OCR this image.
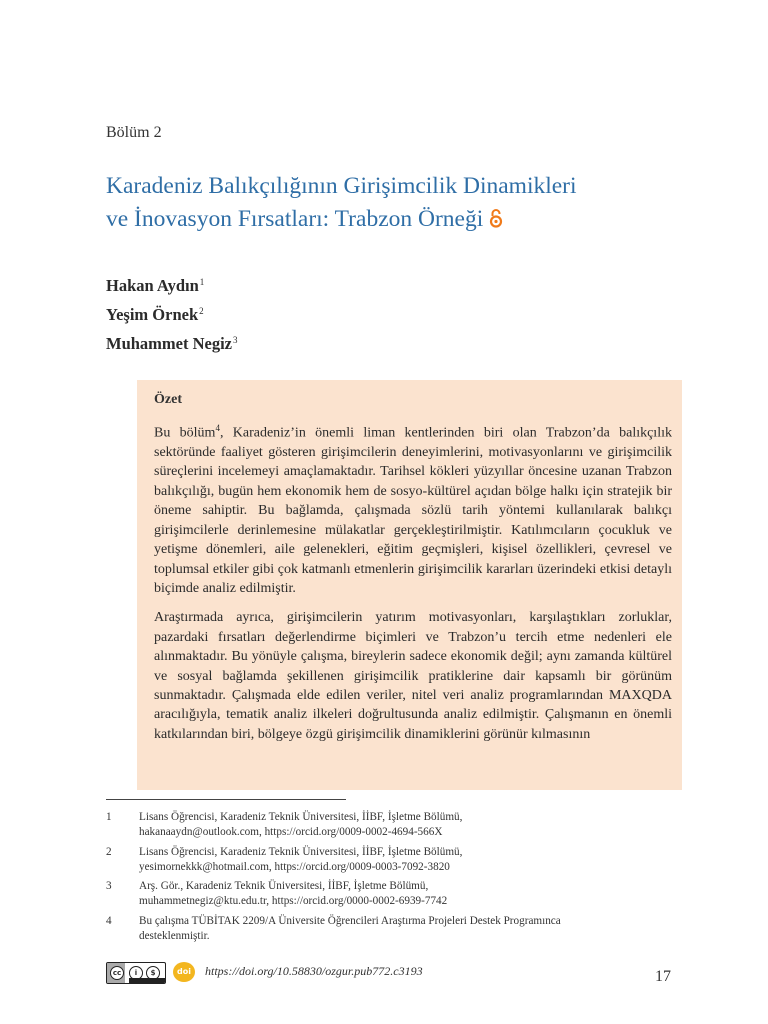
Bölüm 2
Karadeniz Balıkçılığının Girişimcilik Dinamikleri
ve İnovasyon Fırsatları: Trabzon Örneği
Hakan Aydın$^1$
Yeşim Örnek$^2$
Muhammet Negiz$^3$
Özet

Bu bölüm$^4$, Karadeniz’in önemli liman kentlerinden biri olan Trabzon’da balıkçılık sektöründe faaliyet gösteren girişimcilerin deneyimlerini, motivasyonlarını ve girişimcilik süreçlerini incelemeyi amaçlamaktadır. Tarihsel kökleri yüzyıllar öncesine uzanan Trabzon balıkçılığı, bugün hem ekonomik hem de sosyo-kültürel açıdan bölge halkı için stratejik bir öneme sahiptir. Bu bağlamda, çalışmada sözlü tarih yöntemi kullanılarak balıkçı girişimcilerle derinlemesine mülakatlar gerçekleştirilmiştir. Katılımcıların çocukluk ve yetişme dönemleri, aile gelenekleri, eğitim geçmişleri, kişisel özellikleri, çevresel ve toplumsal etkiler gibi çok katmanlı etmenlerin girişimcilik kararları üzerindeki etkisi detaylı biçimde analiz edilmiştir.

Araştırmada ayrıca, girişimcilerin yatırım motivasyonları, karşılaştıkları zorluklar, pazardaki fırsatları değerlendirme biçimleri ve Trabzon’u tercih etme nedenleri ele alınmaktadır. Bu yönüyle çalışma, bireylerin sadece ekonomik değil; aynı zamanda kültürel ve sosyal bağlamda şekillenen girişimcilik pratiklerine dair kapsamlı bir görünüm sunmaktadır. Çalışmada elde edilen veriler, nitel veri analiz programlarından MAXQDA aracılığıyla, tematik analiz ilkeleri doğrultusunda analiz edilmiştir. Çalışmanın en önemli katkılarından biri, bölgeye özgü girişimcilik dinamiklerini görünür kılmasının

1 Lisans Öğrencisi, Karadeniz Teknik Üniversitesi, İİBF, İşletme Bölümü,
hakanaaydn@outlook.com, https://orcid.org/0009-0002-4694-566X
2 Lisans Öğrencisi, Karadeniz Teknik Üniversitesi, İİBF, İşletme Bölümü,
yesimornekkk@hotmail.com, https://orcid.org/0009-0003-7092-3820
3 Arş. Gör., Karadeniz Teknik Üniversitesi, İİBF, İşletme Bölümü,
muhammetnegiz@ktu.edu.tr, https://orcid.org/0000-0002-6939-7742
4 Bu çalışma TÜBİTAK 2209/A Üniversite Öğrencileri Araştırma Projeleri Destek Programınca
desteklenmiştir.
cc	i	$	doi	https://doi.org/10.58830/ozgur.pub772.c3193	17
